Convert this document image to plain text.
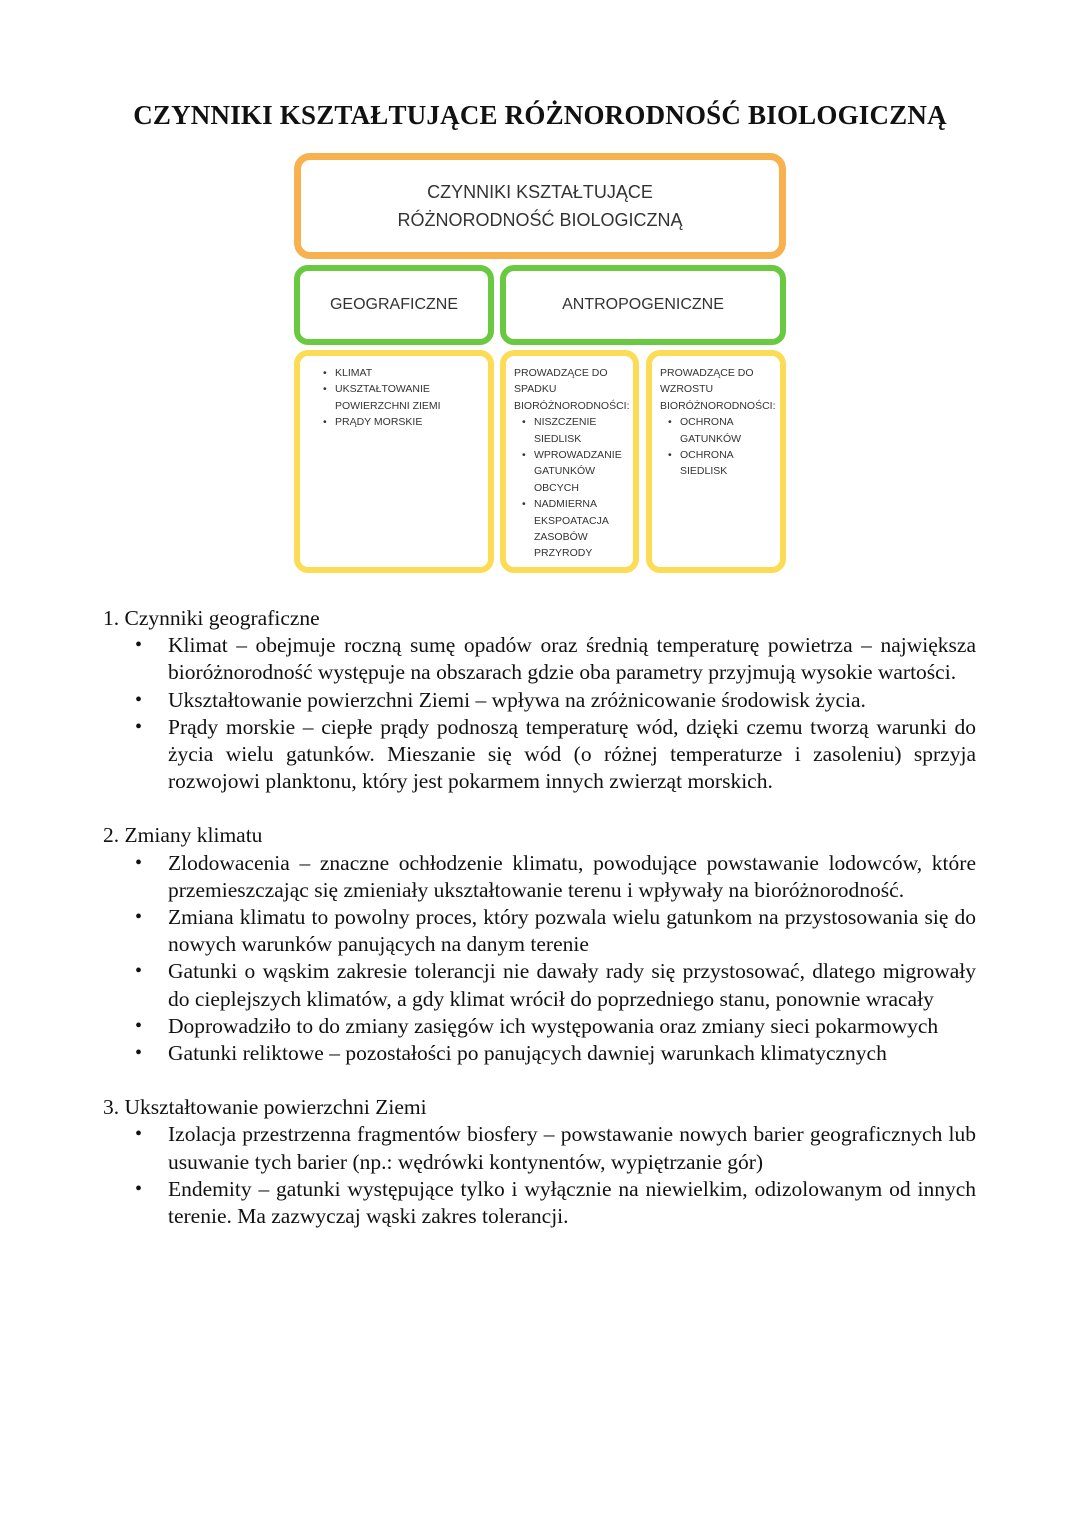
CZYNNIKI KSZTAŁTUJĄCE RÓŻNORODNOŚĆ BIOLOGICZNĄ
CZYNNIKI KSZTAŁTUJĄCE
RÓŻNORODNOŚĆ BIOLOGICZNĄ
GEOGRAFICZNE	ANTROPOGENICZNE
• KLIMAT
• UKSZTAŁTOWANIE POWIERZCHNI ZIEMI
• PRĄDY MORSKIE
PROWADZĄCE DO SPADKU BIORÓŻNORODNOŚCI:
• NISZCZENIE SIEDLISK
• WPROWADZANIE GATUNKÓW OBCYCH
• NADMIERNA EKSPOATACJA ZASOBÓW PRZYRODY
PROWADZĄCE DO WZROSTU BIORÓŻNORODNOŚCI:
• OCHRONA GATUNKÓW
• OCHRONA SIEDLISK
1. Czynniki geograficzne
• Klimat – obejmuje roczną sumę opadów oraz średnią temperaturę powietrza – największa bioróżnorodność występuje na obszarach gdzie oba parametry przyjmują wysokie wartości.
• Ukształtowanie powierzchni Ziemi – wpływa na zróżnicowanie środowisk życia.
• Prądy morskie – ciepłe prądy podnoszą temperaturę wód, dzięki czemu tworzą warunki do życia wielu gatunków. Mieszanie się wód (o różnej temperaturze i zasoleniu) sprzyja rozwojowi planktonu, który jest pokarmem innych zwierząt morskich.
2. Zmiany klimatu
• Zlodowacenia – znaczne ochłodzenie klimatu, powodujące powstawanie lodowców, które przemieszczając się zmieniały ukształtowanie terenu i wpływały na bioróżnorodność.
• Zmiana klimatu to powolny proces, który pozwala wielu gatunkom na przystosowania się do nowych warunków panujących na danym terenie
• Gatunki o wąskim zakresie tolerancji nie dawały rady się przystosować, dlatego migrowały do cieplejszych klimatów, a gdy klimat wrócił do poprzedniego stanu, ponownie wracały
• Doprowadziło to do zmiany zasięgów ich występowania oraz zmiany sieci pokarmowych
• Gatunki reliktowe – pozostałości po panujących dawniej warunkach klimatycznych
3. Ukształtowanie powierzchni Ziemi
• Izolacja przestrzenna fragmentów biosfery – powstawanie nowych barier geograficznych lub usuwanie tych barier (np.: wędrówki kontynentów, wypiętrzanie gór)
• Endemity – gatunki występujące tylko i wyłącznie na niewielkim, odizolowanym od innych terenie. Ma zazwyczaj wąski zakres tolerancji.
